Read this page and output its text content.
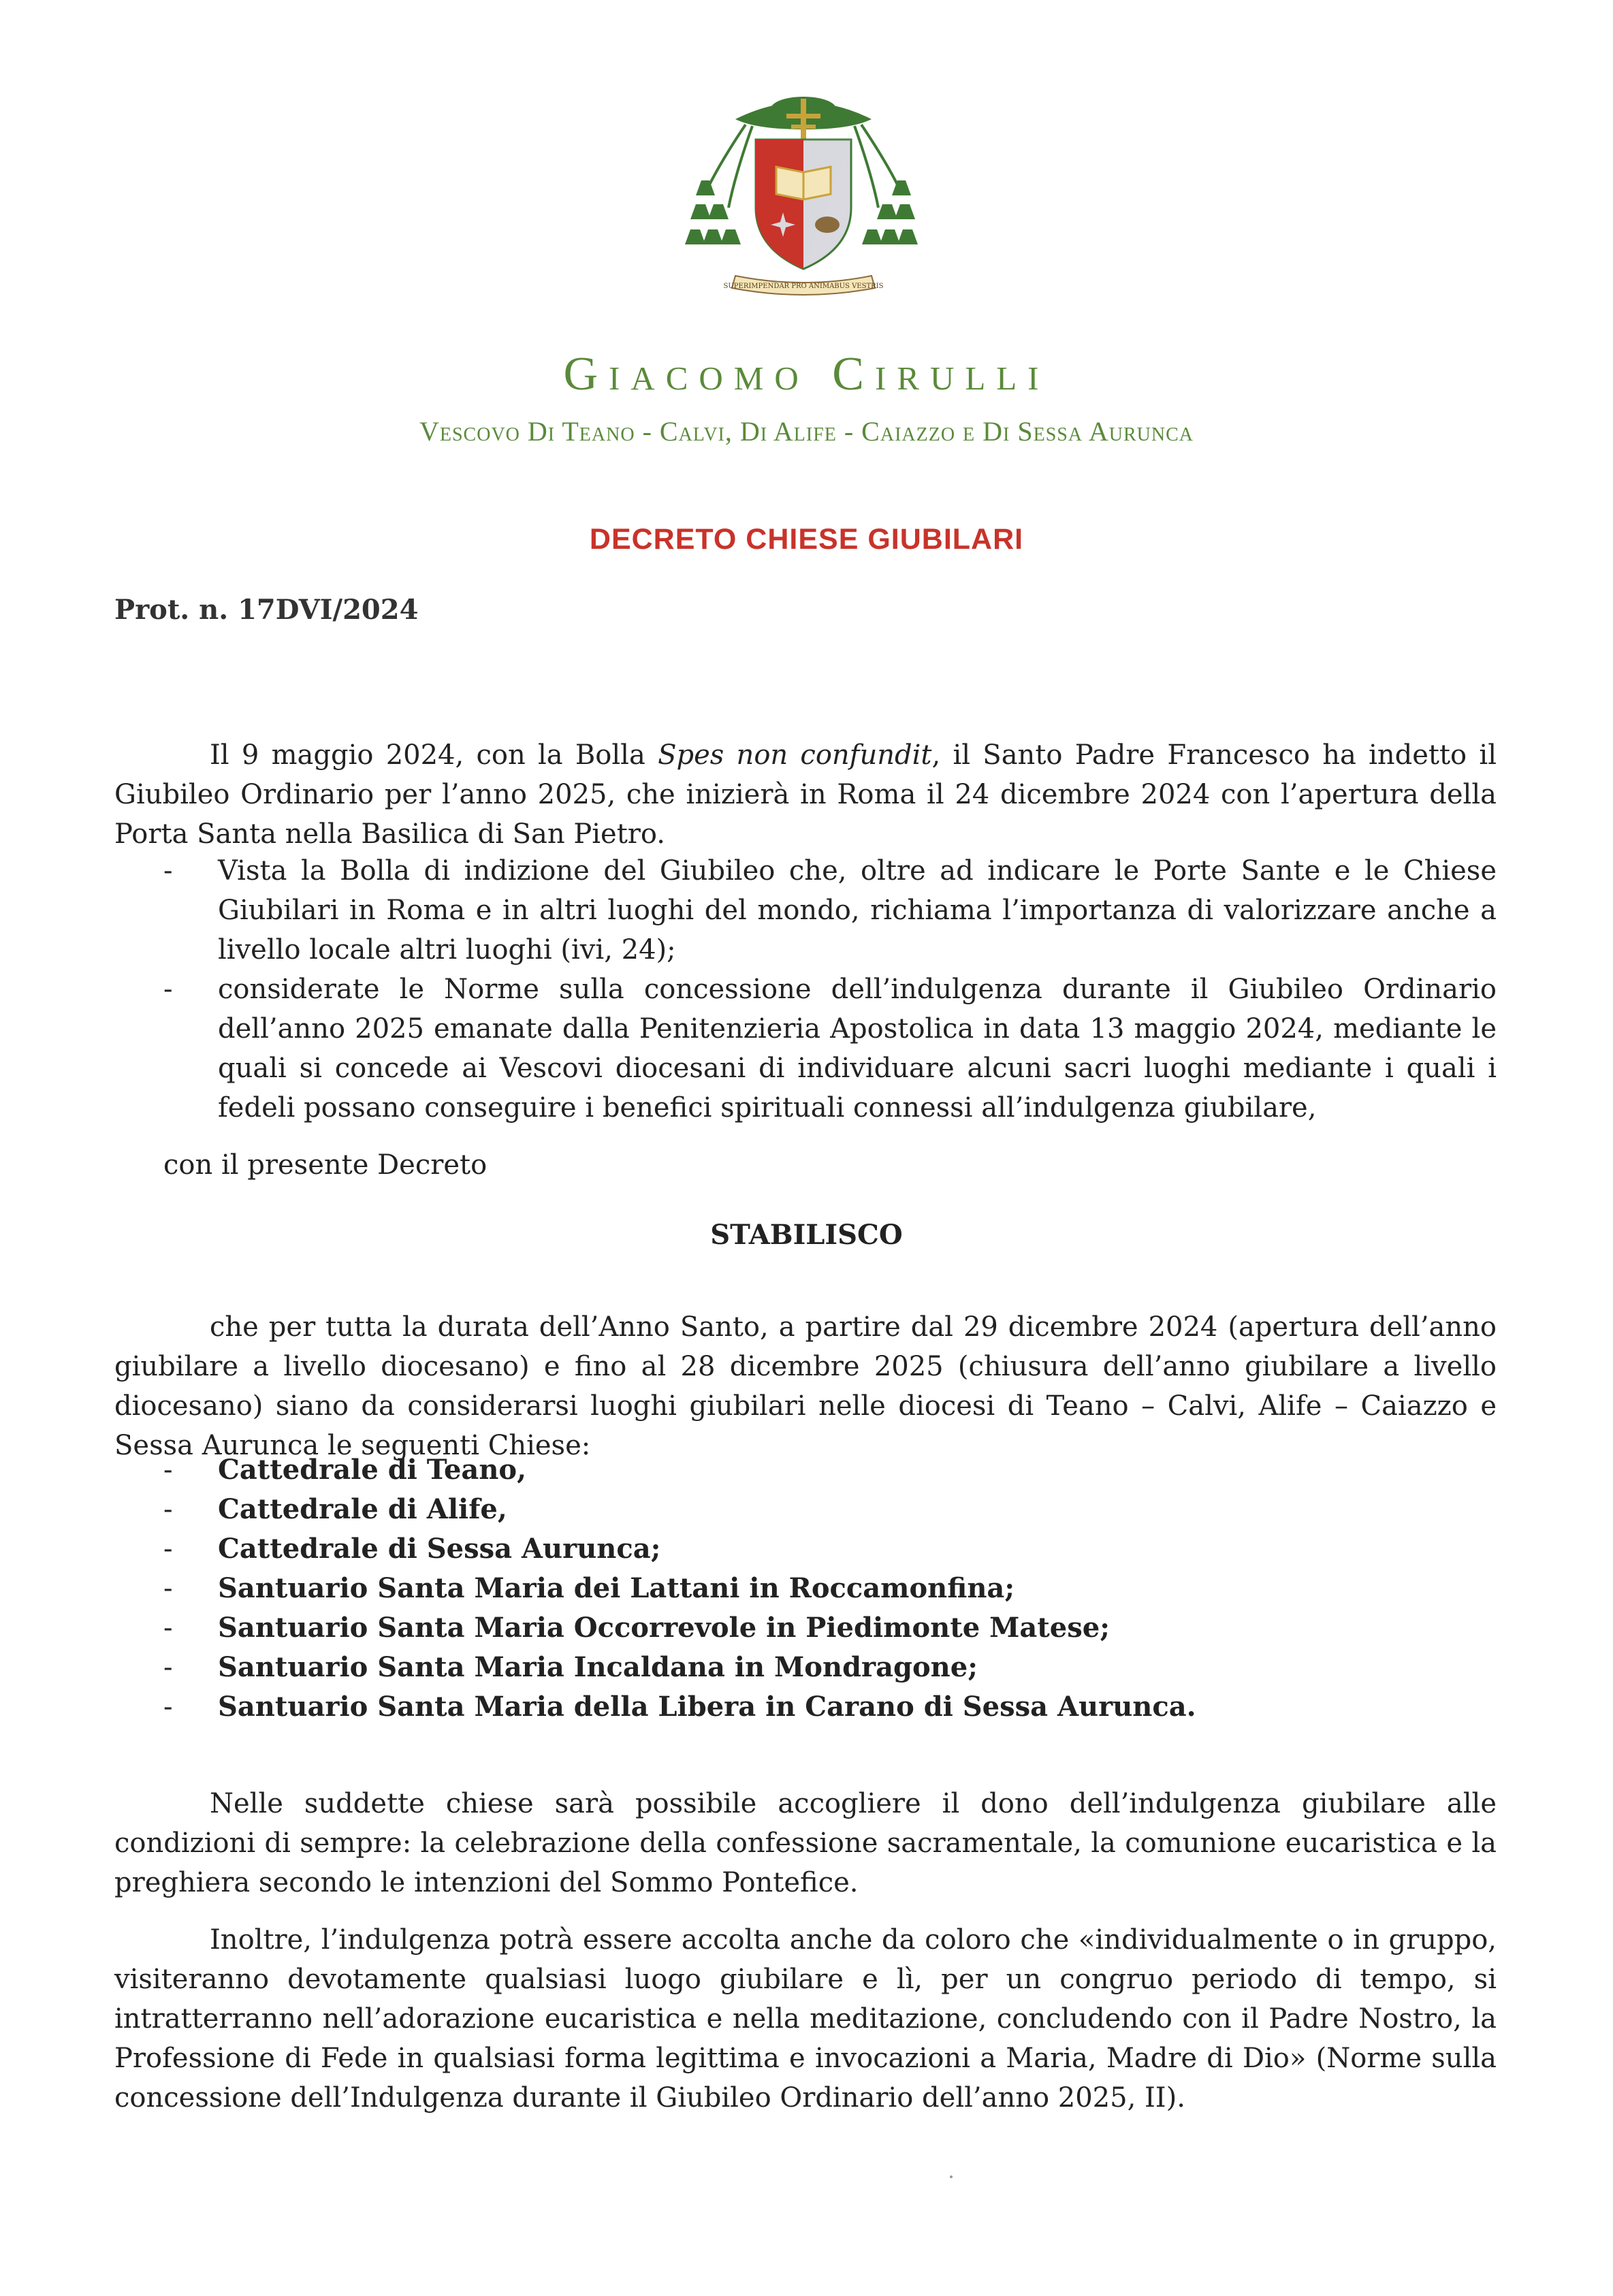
SUPERIMPENDAR PRO ANIMABUS VESTRIS
Giacomo Cirulli
Vescovo Di Teano - Calvi, Di Alife - Caiazzo e Di Sessa Aurunca
DECRETO CHIESE GIUBILARI
Prot. n. 17DVI/2024

Il 9 maggio 2024, con la Bolla Spes non confundit, il Santo Padre Francesco ha indetto il Giubileo Ordinario per l’anno 2025, che inizierà in Roma il 24 dicembre 2024 con l’apertura della Porta Santa nella Basilica di San Pietro.

- Vista la Bolla di indizione del Giubileo che, oltre ad indicare le Porte Sante e le Chiese Giubilari in Roma e in altri luoghi del mondo, richiama l’importanza di valorizzare anche a livello locale altri luoghi (ivi, 24);
- considerate le Norme sulla concessione dell’indulgenza durante il Giubileo Ordinario dell’anno 2025 emanate dalla Penitenzieria Apostolica in data 13 maggio 2024, mediante le quali si concede ai Vescovi diocesani di individuare alcuni sacri luoghi mediante i quali i fedeli possano conseguire i benefici spirituali connessi all’indulgenza giubilare,
con il presente Decreto
STABILISCO

che per tutta la durata dell’Anno Santo, a partire dal 29 dicembre 2024 (apertura dell’anno giubilare a livello diocesano) e fino al 28 dicembre 2025 (chiusura dell’anno giubilare a livello diocesano) siano da considerarsi luoghi giubilari nelle diocesi di Teano – Calvi, Alife – Caiazzo e Sessa Aurunca le seguenti Chiese:

- Cattedrale di Teano,
- Cattedrale di Alife,
- Cattedrale di Sessa Aurunca;
- Santuario Santa Maria dei Lattani in Roccamonfina;
- Santuario Santa Maria Occorrevole in Piedimonte Matese;
- Santuario Santa Maria Incaldana in Mondragone;
- Santuario Santa Maria della Libera in Carano di Sessa Aurunca.

Nelle suddette chiese sarà possibile accogliere il dono dell’indulgenza giubilare alle condizioni di sempre: la celebrazione della confessione sacramentale, la comunione eucaristica e la preghiera secondo le intenzioni del Sommo Pontefice.

Inoltre, l’indulgenza potrà essere accolta anche da coloro che «individualmente o in gruppo, visiteranno devotamente qualsiasi luogo giubilare e lì, per un congruo periodo di tempo, si intratterranno nell’adorazione eucaristica e nella meditazione, concludendo con il Padre Nostro, la Professione di Fede in qualsiasi forma legittima e invocazioni a Maria, Madre di Dio» (Norme sulla concessione dell’Indulgenza durante il Giubileo Ordinario dell’anno 2025, II).
